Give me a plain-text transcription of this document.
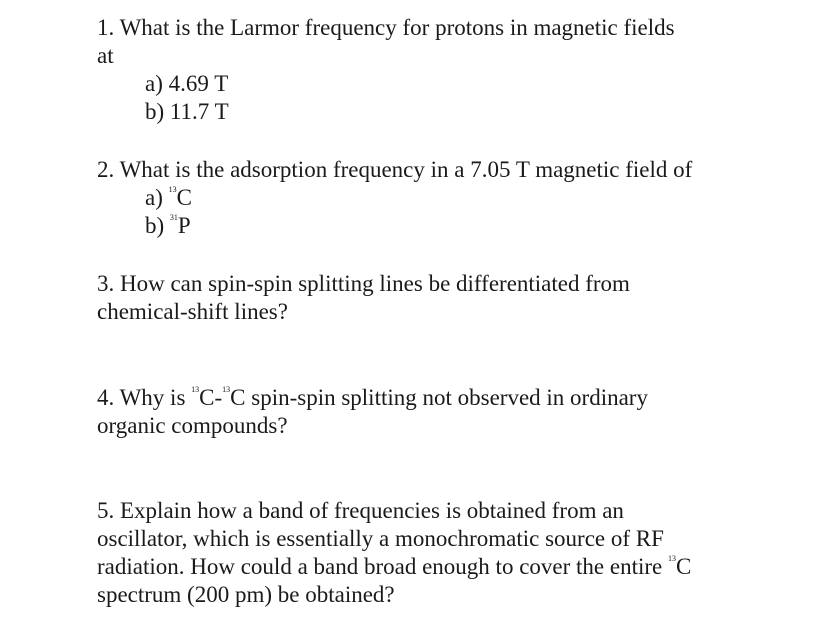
1. What is the Larmor frequency for protons in magnetic fields
at
a) 4.69 T
b) 11.7 T
2. What is the adsorption frequency in a 7.05 T magnetic field of
a) $^{13}$C
b) $^{31}$P
3. How can spin-spin splitting lines be differentiated from
chemical-shift lines?
4. Why is $^{13}$C-$^{13}$C spin-spin splitting not observed in ordinary
organic compounds?
5. Explain how a band of frequencies is obtained from an
oscillator, which is essentially a monochromatic source of RF
radiation. How could a band broad enough to cover the entire $^{13}$C
spectrum (200 pm) be obtained?
